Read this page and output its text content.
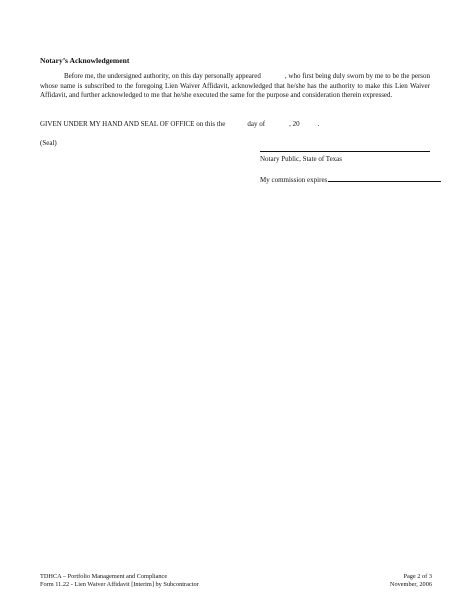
Notary’s Acknowledgement
Before me, the undersigned authority, on this day personally appeared	, who first being duly sworn by me to be the person whose name is subscribed to the foregoing Lien Waiver Affidavit, acknowledged that he/she has the authority to make this Lien Waiver Affidavit, and further acknowledged to me that he/she executed the same for the purpose and consideration therein expressed.
GIVEN UNDER MY HAND AND SEAL OF OFFICE on this the	day of	, 20	.
(Seal)
Notary Public, State of Texas
My commission expires
TDHCA – Portfolio Management and Compliance
Form 11.22 - Lien Waiver Affidavit [Interim] by Subcontractor
Page 2 of 3
November, 2006
